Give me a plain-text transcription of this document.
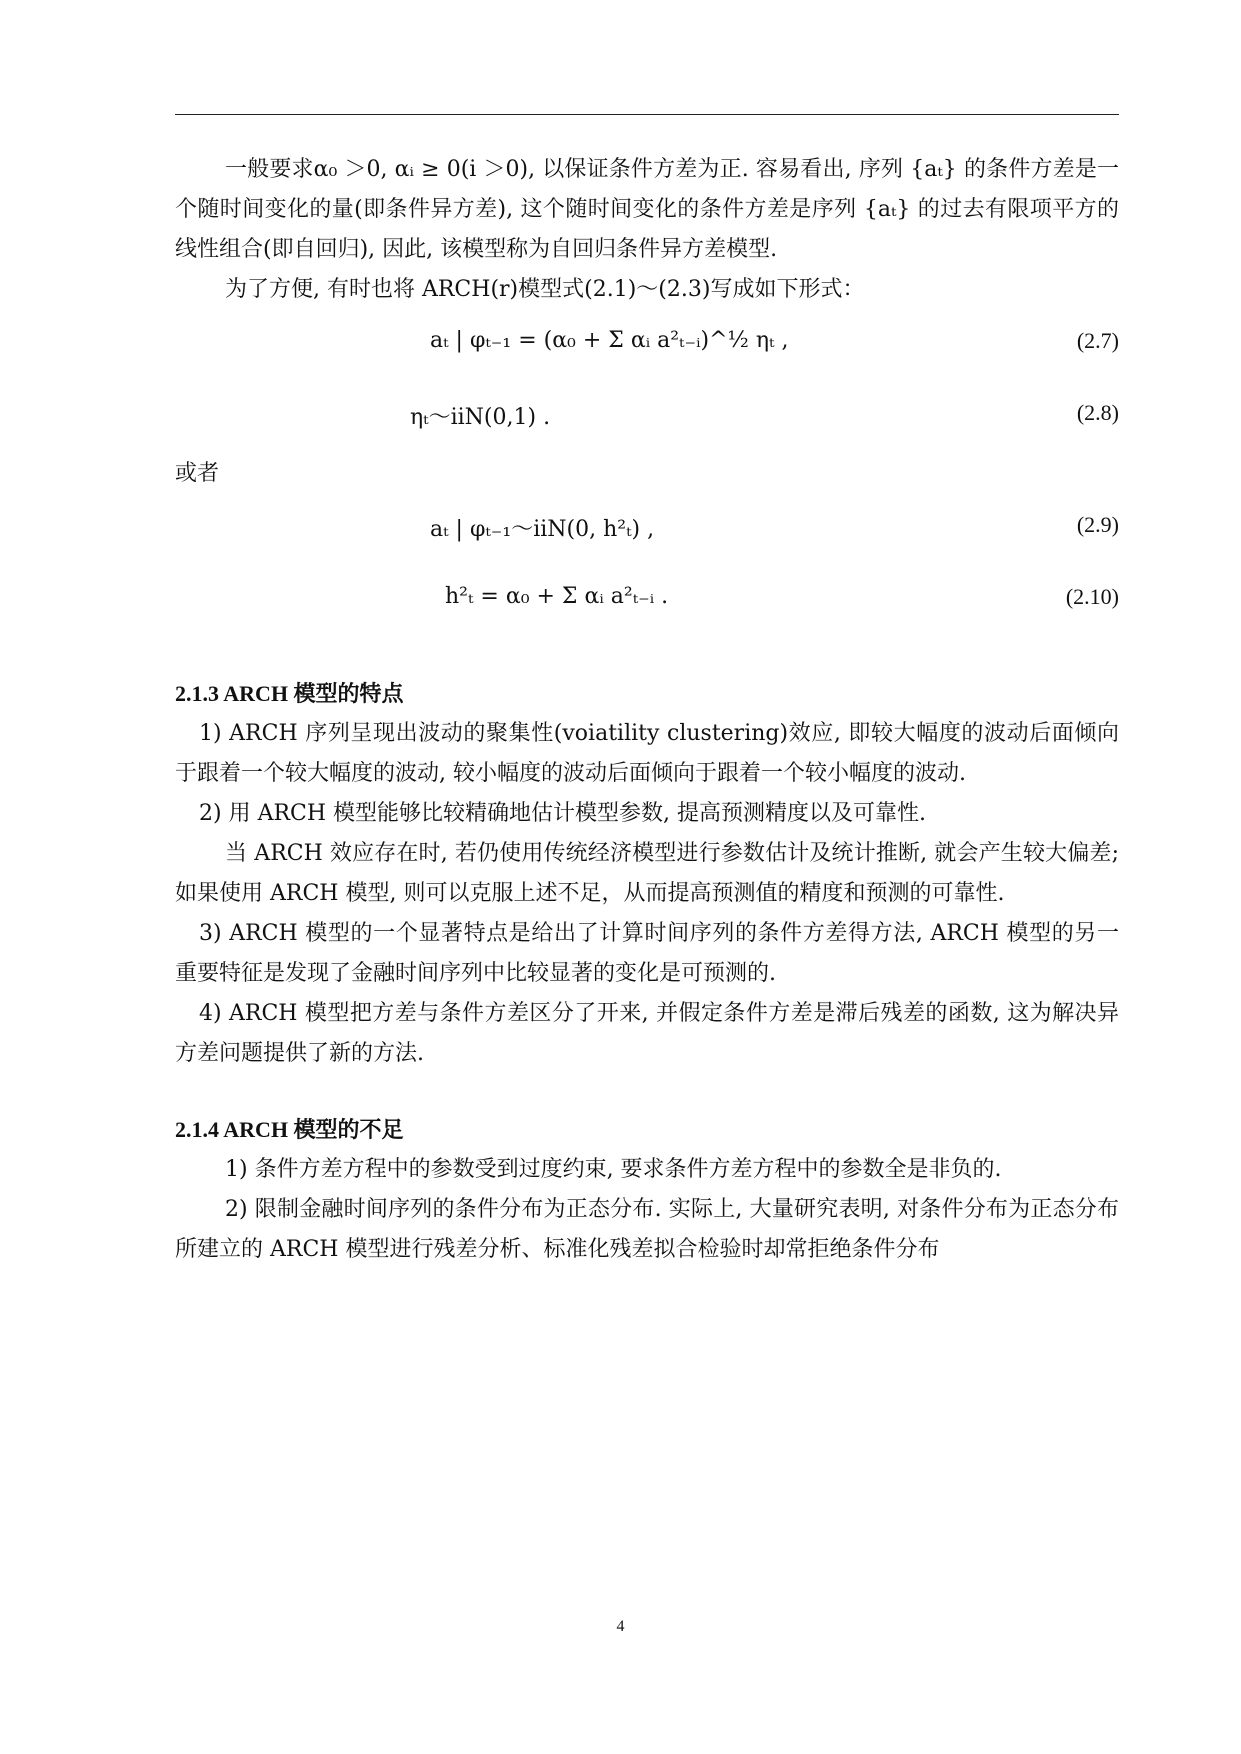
一般要求α₀ ＞0, αᵢ ≥ 0(i ＞0), 以保证条件方差为正. 容易看出, 序列 {aₜ} 的条件方差是一个随时间变化的量(即条件异方差), 这个随时间变化的条件方差是序列 {aₜ} 的过去有限项平方的线性组合(即自回归), 因此, 该模型称为自回归条件异方差模型.

为了方便, 有时也将 ARCH(r)模型式(2.1)～(2.3)写成如下形式：

aₜ | φₜ₋₁ = (α₀ + Σ αᵢ a²ₜ₋ᵢ)^½ ηₜ ,	(2.7)
ηₜ～iiN(0,1) .	(2.8)

或者

aₜ | φₜ₋₁～iiN(0, h²ₜ) ,	(2.9)
h²ₜ = α₀ + Σ αᵢ a²ₜ₋ᵢ .	(2.10)

2.1.3 ARCH 模型的特点

1) ARCH 序列呈现出波动的聚集性(voiatility clustering)效应, 即较大幅度的波动后面倾向于跟着一个较大幅度的波动, 较小幅度的波动后面倾向于跟着一个较小幅度的波动.

2) 用 ARCH 模型能够比较精确地估计模型参数, 提高预测精度以及可靠性.

当 ARCH 效应存在时, 若仍使用传统经济模型进行参数估计及统计推断, 就会产生较大偏差; 如果使用 ARCH 模型, 则可以克服上述不足，从而提高预测值的精度和预测的可靠性.

3) ARCH 模型的一个显著特点是给出了计算时间序列的条件方差得方法, ARCH 模型的另一重要特征是发现了金融时间序列中比较显著的变化是可预测的.

4) ARCH 模型把方差与条件方差区分了开来, 并假定条件方差是滞后残差的函数, 这为解决异方差问题提供了新的方法.

2.1.4 ARCH 模型的不足

1) 条件方差方程中的参数受到过度约束, 要求条件方差方程中的参数全是非负的.

2) 限制金融时间序列的条件分布为正态分布. 实际上, 大量研究表明, 对条件分布为正态分布所建立的 ARCH 模型进行残差分析、标准化残差拟合检验时却常拒绝条件分布

4
